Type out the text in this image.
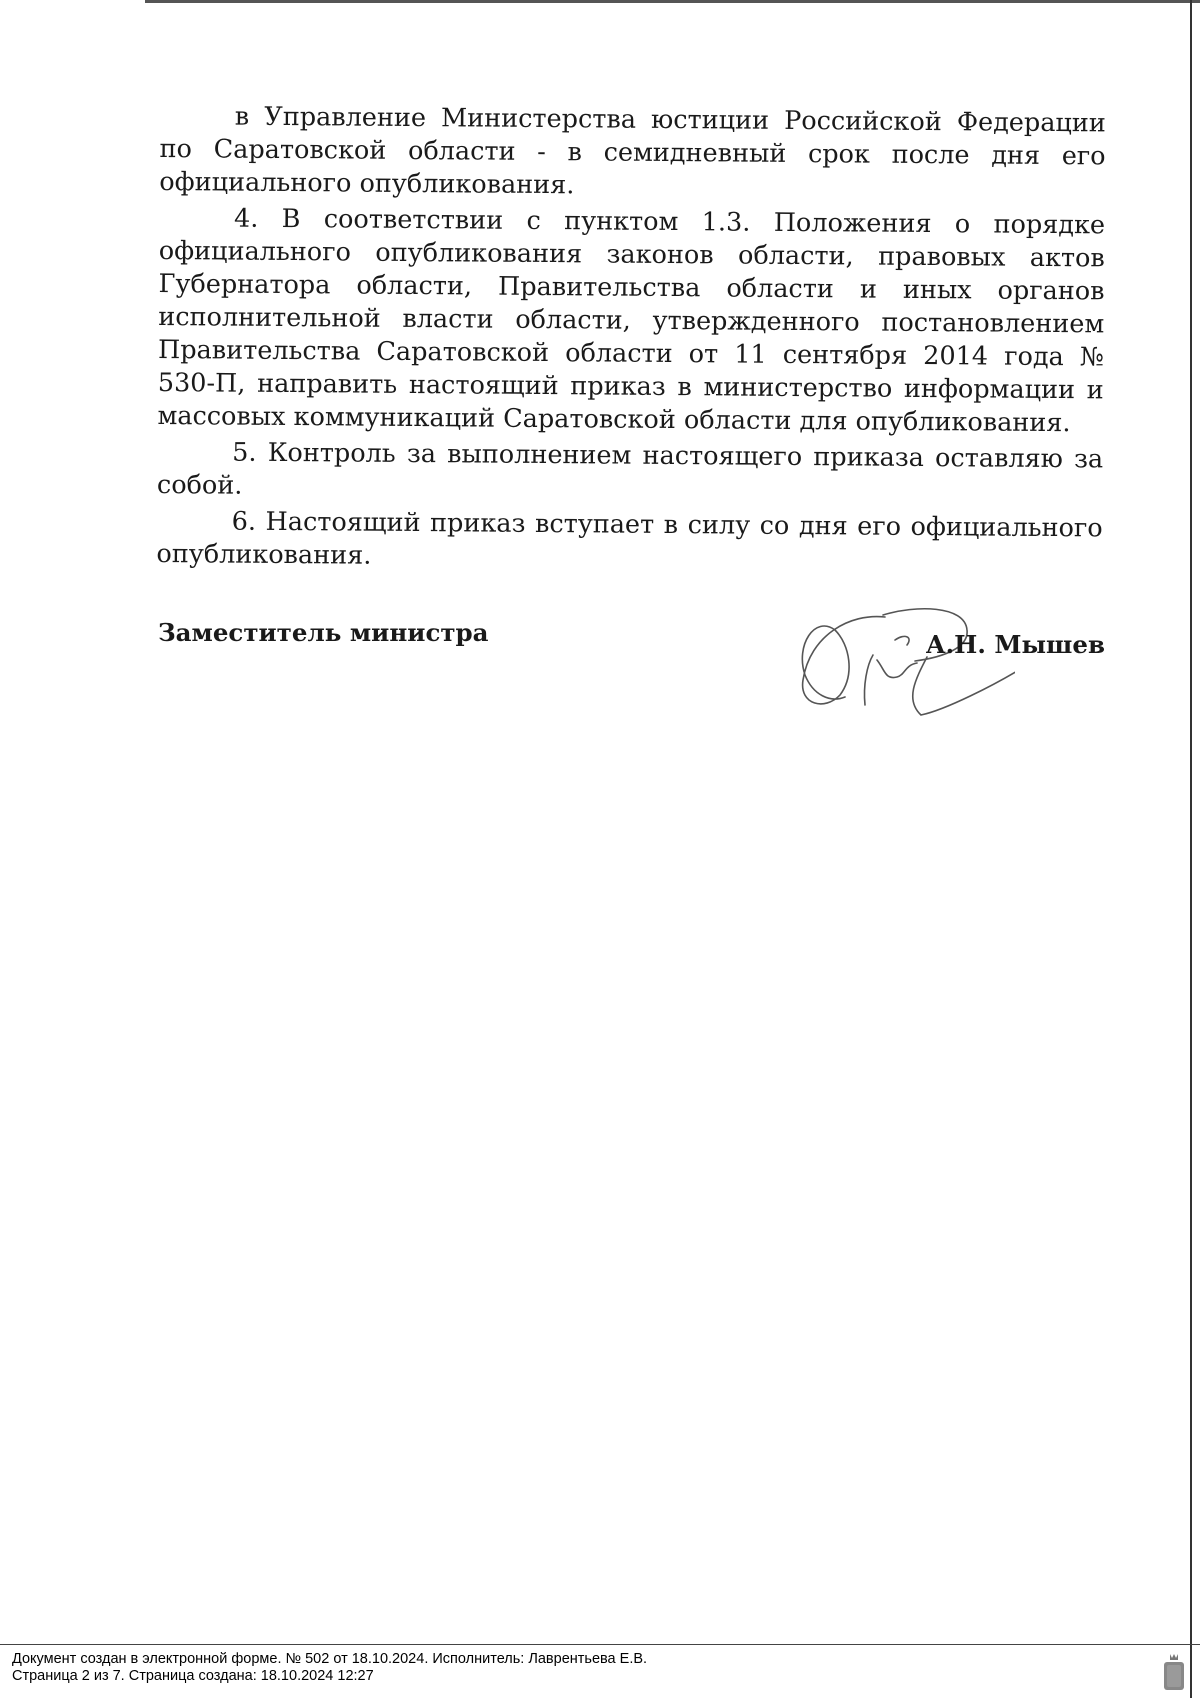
в Управление Министерства юстиции Российской Федерации по Саратовской области - в семидневный срок после дня его официального опубликования.

4. В соответствии с пунктом 1.3. Положения о порядке официального опубликования законов области, правовых актов Губернатора области, Правительства области и иных органов исполнительной власти области, утвержденного постановлением Правительства Саратовской области от 11 сентября 2014 года № 530-П, направить настоящий приказ в министерство информации и массовых коммуникаций Саратовской области для опубликования.

5. Контроль за выполнением настоящего приказа оставляю за собой.

6. Настоящий приказ вступает в силу со дня его официального опубликования.

Заместитель министра	А.Н. Мышев
Документ создан в электронной форме. № 502 от 18.10.2024. Исполнитель: Лаврентьева Е.В.
Страница 2 из 7. Страница создана: 18.10.2024 12:27
